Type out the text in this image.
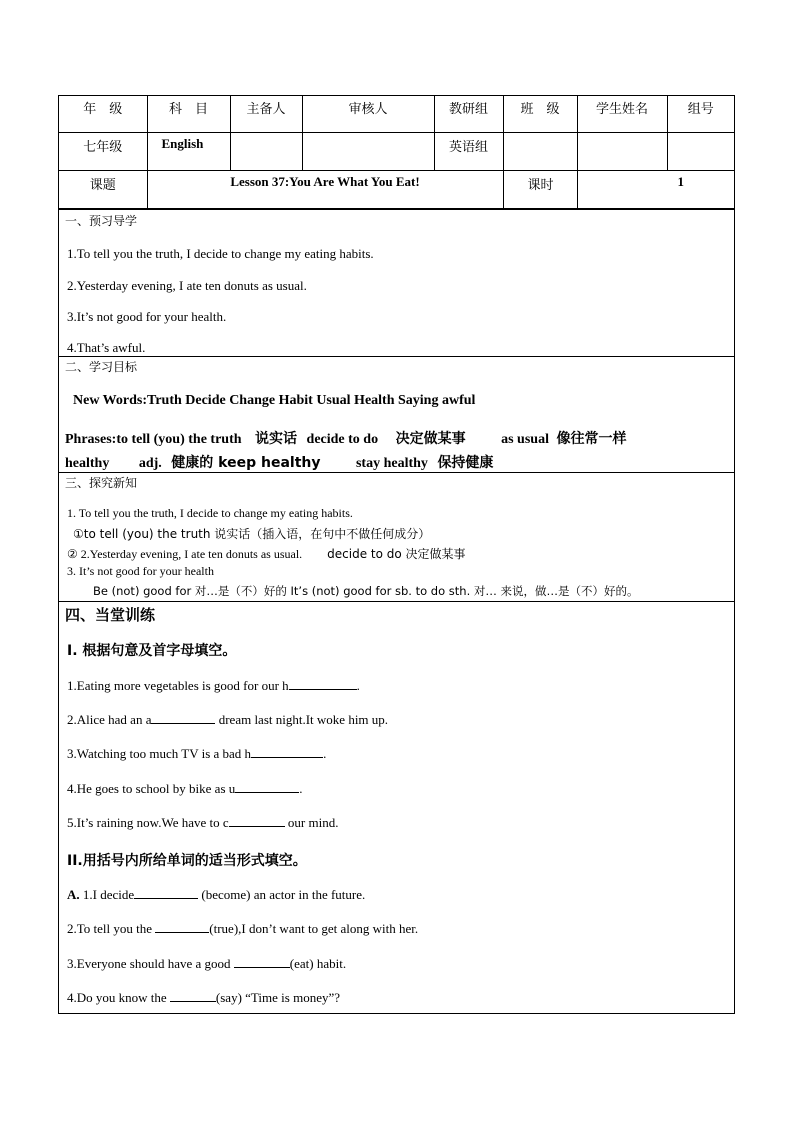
年　级	科　目	主备人	审核人	教研组	班　级	学生姓名	组号
七年级	English			英语组			
课题	Lesson 37:You Are What You Eat!				课时	1	
一、预习导学
1.To tell you the truth, I decide to change my eating habits.
2.Yesterday evening, I ate ten donuts as usual.
3.It’s not good for your health.
4.That’s awful.
二、学习目标
New Words:Truth Decide Change Habit Usual Health Saying awful
Phrases:to tell (you) the truth 说实话 decide to do 决定做某事	as usual 像往常一样
healthy adj. 健康的 keep healthy	stay healthy 保持健康
三、探究新知
1. To tell you the truth, I decide to change my eating habits.
①to tell (you) the truth 说实话（插入语，在句中不做任何成分）
② 2.Yesterday evening, I ate ten donuts as usual. decide to do 决定做某事
3. It’s not good for your health
Be (not) good for 对…是（不）好的 It’s (not) good for sb. to do sth. 对… 来说，做…是（不）好的。
四、当堂训练
I. 根据句意及首字母填空。
1.Eating more vegetables is good for our h	.
2.Alice had an a	dream last night.It woke him up.
3.Watching too much TV is a bad h	.
4.He goes to school by bike as u	.
5.It’s raining now.We have to c	our mind.
II.用括号内所给单词的适当形式填空。
A. 1.I decide	(become) an actor in the future.
2.To tell you the	(true),I don’t want to get along with her.
3.Everyone should have a good	(eat) habit.
4.Do you know the	(say) “Time is money”?
